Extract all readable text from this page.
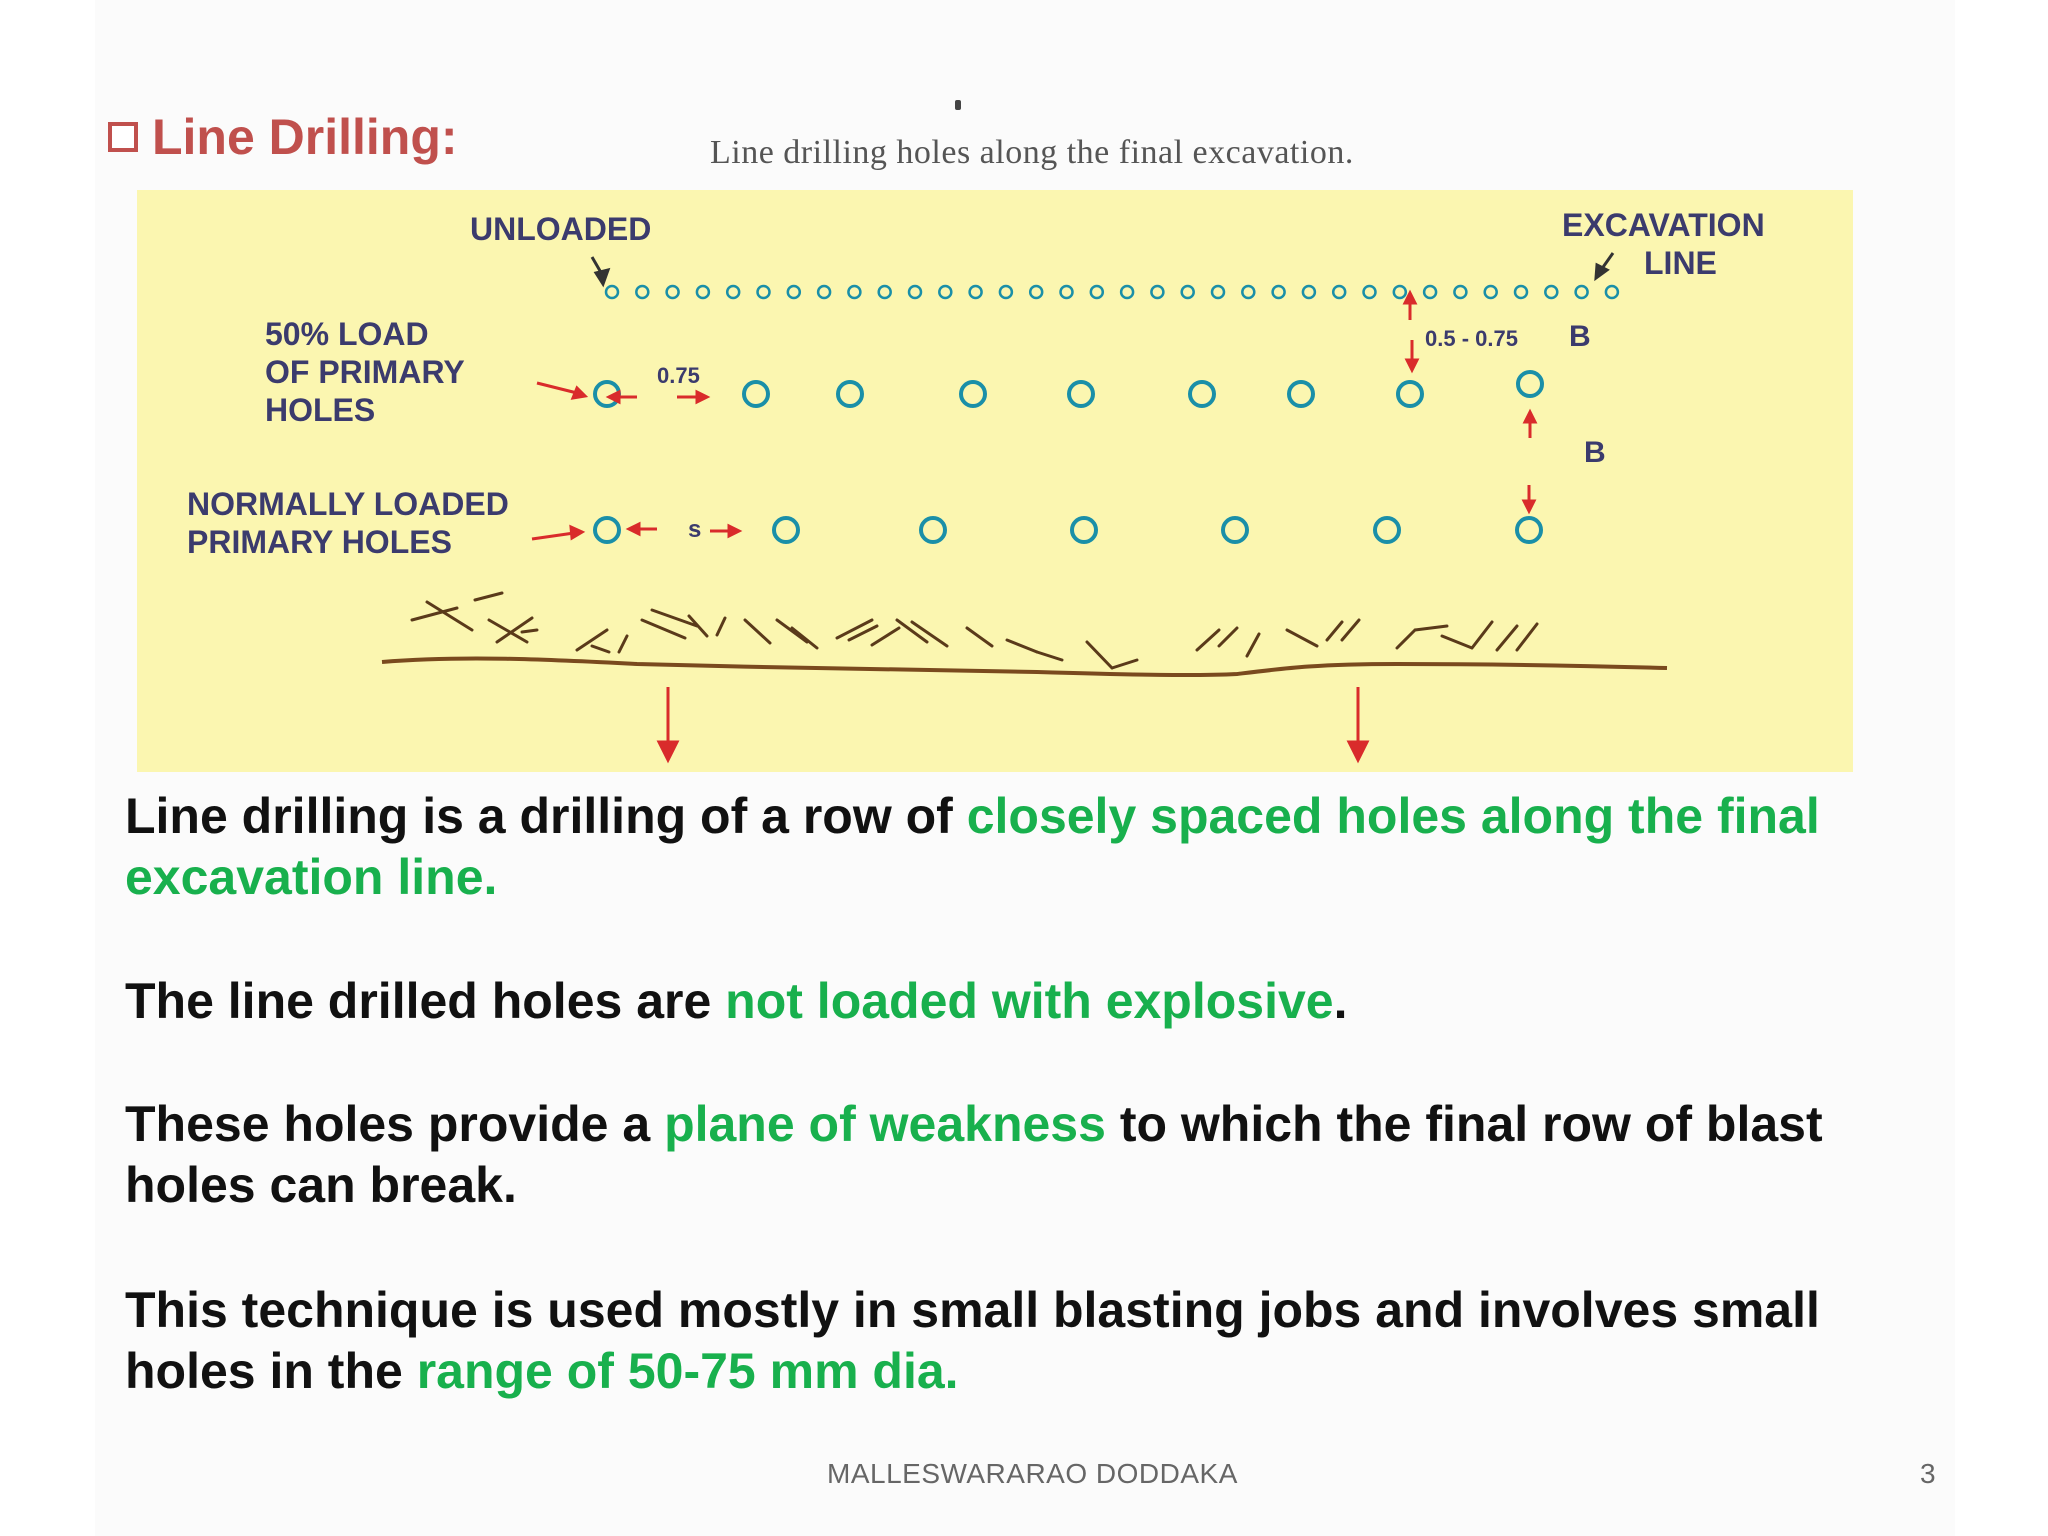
Line Drilling:	Line drilling holes along the final excavation.
UNLOADED	EXCAVATION
LINE
50% LOAD
OF PRIMARY
HOLES
NORMALLY LOADED
PRIMARY HOLES
0.75
0.5 - 0.75 B
B
s
Line drilling is a drilling of a row of closely spaced holes along the final excavation line.
The line drilled holes are not loaded with explosive.
These holes provide a plane of weakness to which the final row of blast holes can break.
This technique is used mostly in small blasting jobs and involves small holes in the range of 50-75 mm dia.
MALLESWARARAO DODDAKA	3
